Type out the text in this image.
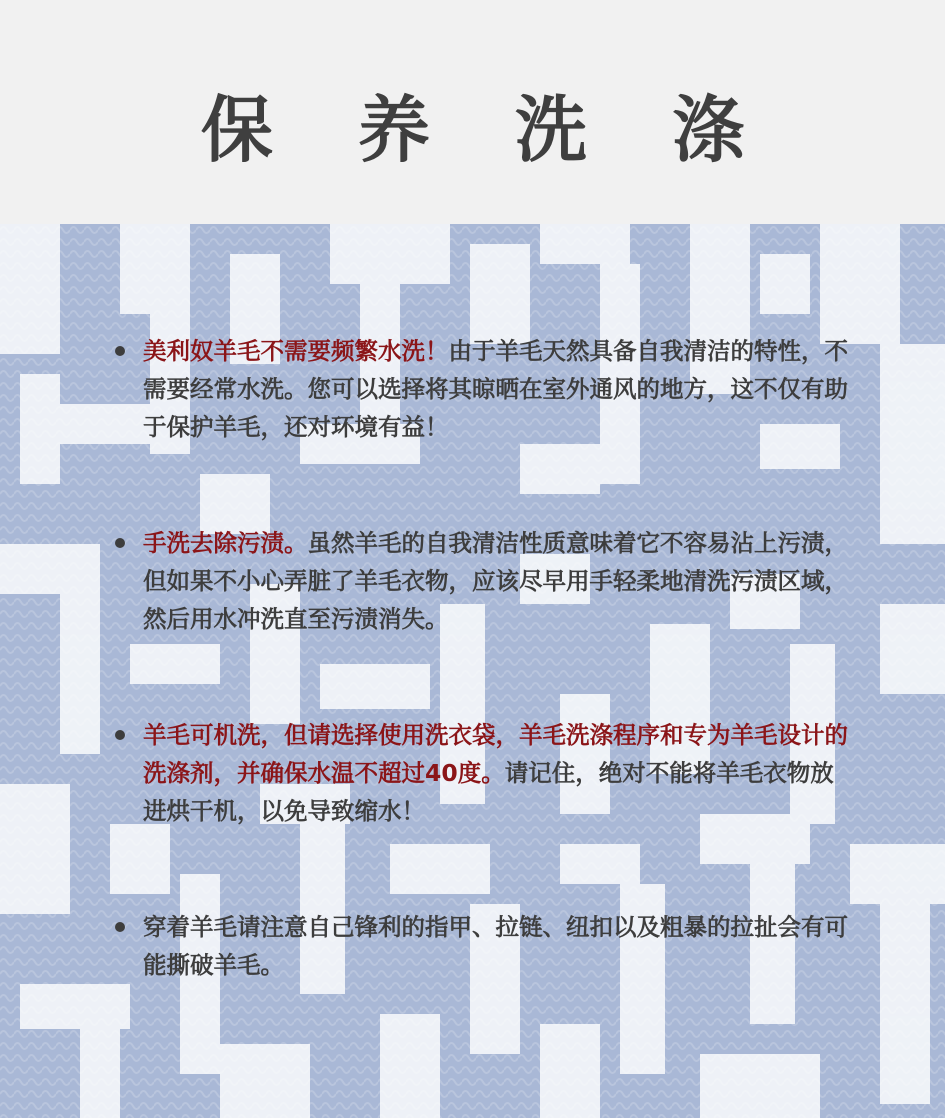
保 养 洗 涤
美利奴羊毛不需要频繁水洗！由于羊毛天然具备自我清洁的特性，不需要经常水洗。您可以选择将其晾晒在室外通风的地方，这不仅有助于保护羊毛，还对环境有益！
手洗去除污渍。虽然羊毛的自我清洁性质意味着它不容易沾上污渍，但如果不小心弄脏了羊毛衣物，应该尽早用手轻柔地清洗污渍区域，然后用水冲洗直至污渍消失。
羊毛可机洗，但请选择使用洗衣袋，羊毛洗涤程序和专为羊毛设计的洗涤剂，并确保水温不超过40度。请记住，绝对不能将羊毛衣物放进烘干机，以免导致缩水！
穿着羊毛请注意自己锋利的指甲、拉链、纽扣以及粗暴的拉扯会有可能撕破羊毛。
